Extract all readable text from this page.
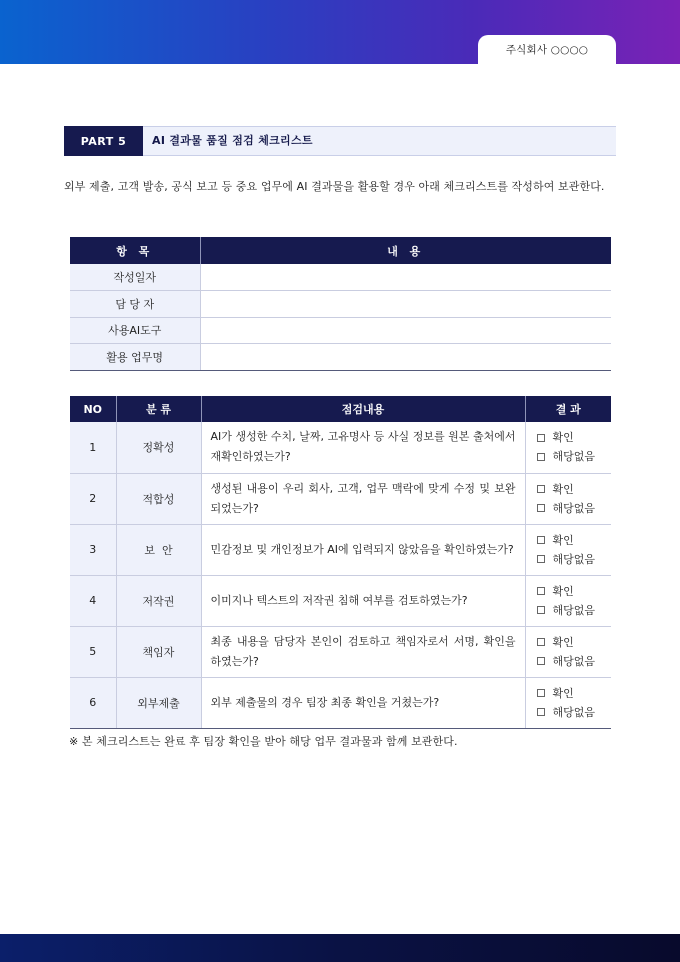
주식회사 ○○○○
PART 5	AI 결과물 품질 점검 체크리스트
외부 제출, 고객 발송, 공식 보고 등 중요 업무에 AI 결과물을 활용할 경우 아래 체크리스트를 작성하여 보관한다.
항 목	내 용
작성일자	
담 당 자	
사용AI도구	
활용 업무명	
NO	분 류	점검내용	결 과
1	정확성	AI가 생성한 수치, 날짜, 고유명사 등 사실 정보를 원본 출처에서 재확인하였는가?	확인
해당없음

2	적합성	생성된 내용이 우리 회사, 고객, 업무 맥락에 맞게 수정 및 보완되었는가?	확인
해당없음

3	보  안	민감정보 및 개인정보가 AI에 입력되지 않았음을 확인하였는가?	확인
해당없음

4	저작권	이미지나 텍스트의 저작권 침해 여부를 검토하였는가?	확인
해당없음

5	책임자	최종 내용을 담당자 본인이 검토하고 책임자로서 서명, 확인을 하였는가?	확인
해당없음

6	외부제출	외부 제출물의 경우 팀장 최종 확인을 거쳤는가?	확인
해당없음
※ 본 체크리스트는 완료 후 팀장 확인을 받아 해당 업무 결과물과 함께 보관한다.
